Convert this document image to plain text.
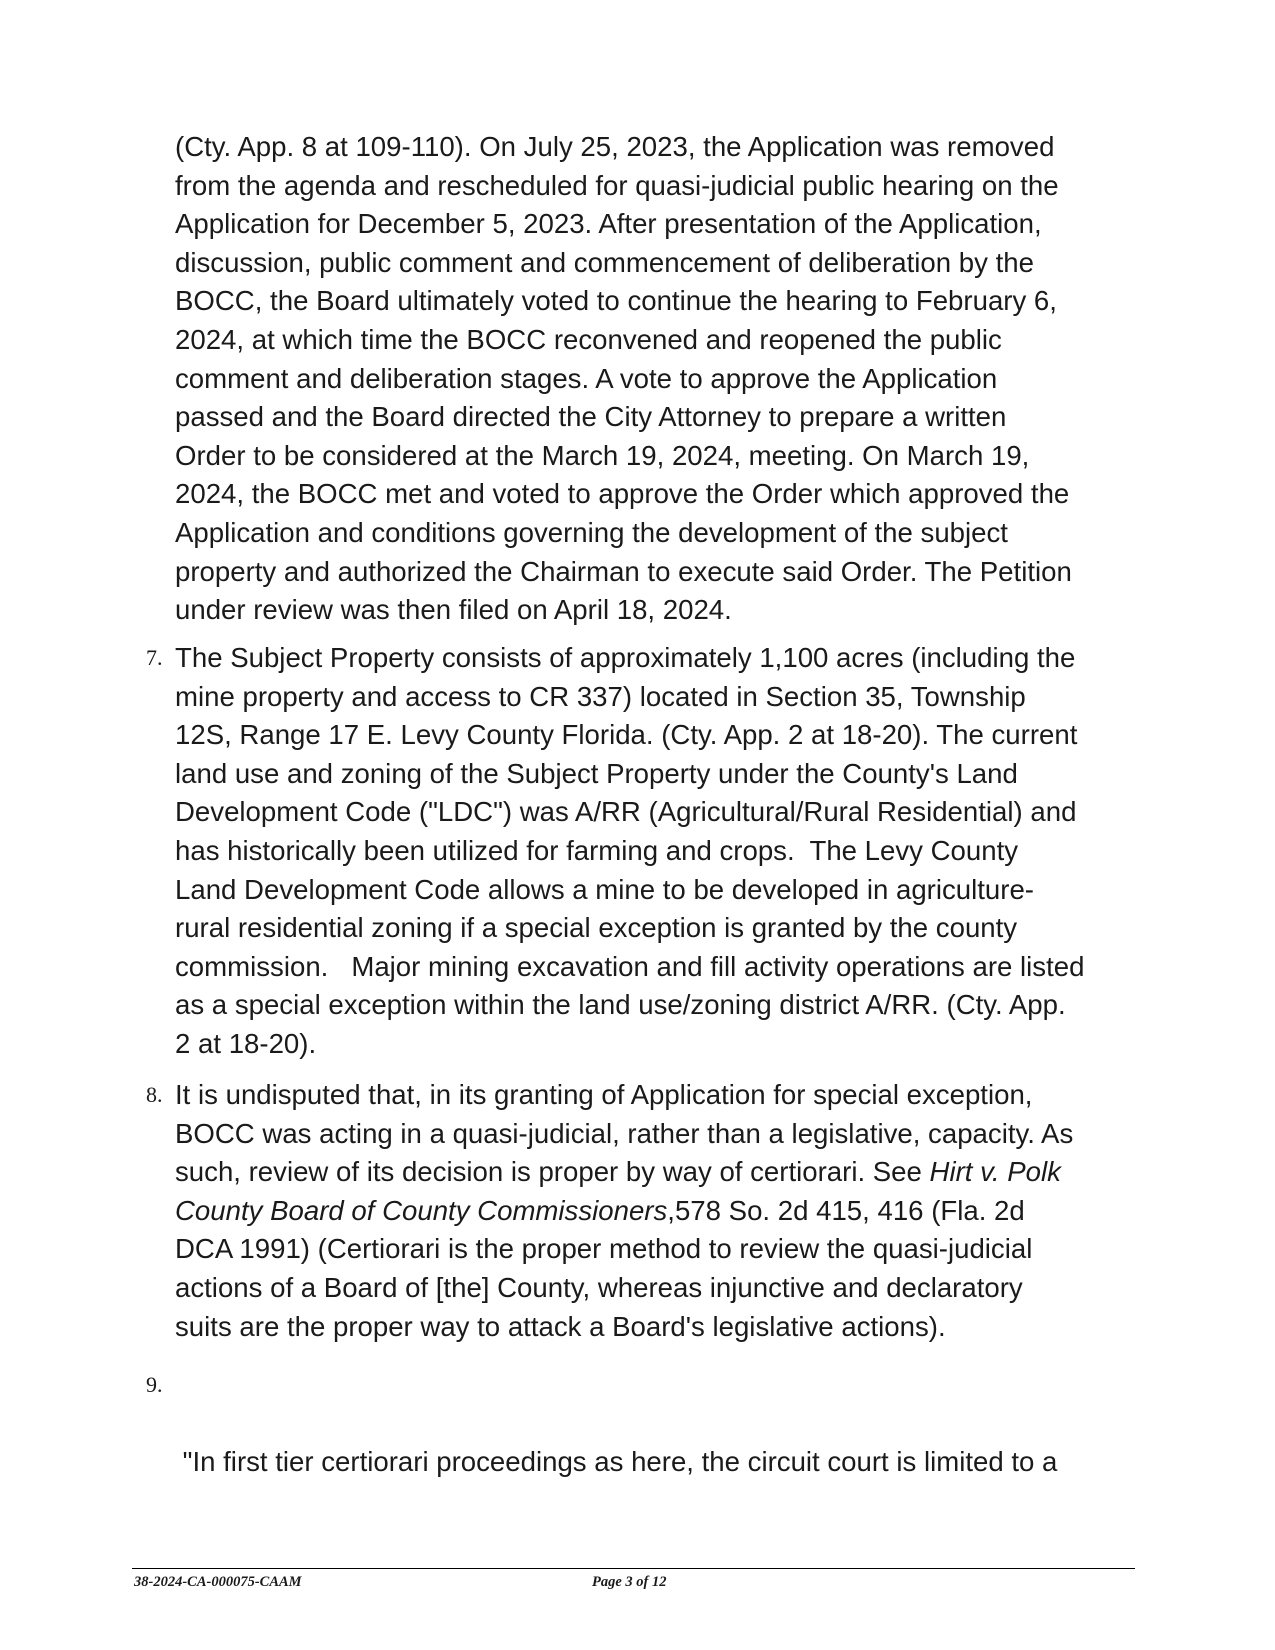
(Cty. App. 8 at 109-110). On July 25, 2023, the Application was removed
from the agenda and rescheduled for quasi-judicial public hearing on the
Application for December 5, 2023. After presentation of the Application,
discussion, public comment and commencement of deliberation by the
BOCC, the Board ultimately voted to continue the hearing to February 6,
2024, at which time the BOCC reconvened and reopened the public
comment and deliberation stages. A vote to approve the Application
passed and the Board directed the City Attorney to prepare a written
Order to be considered at the March 19, 2024, meeting. On March 19,
2024, the BOCC met and voted to approve the Order which approved the
Application and conditions governing the development of the subject
property and authorized the Chairman to execute said Order. The Petition
under review was then filed on April 18, 2024.
7. The Subject Property consists of approximately 1,100 acres (including the
mine property and access to CR 337) located in Section 35, Township
12S, Range 17 E. Levy County Florida. (Cty. App. 2 at 18-20). The current
land use and zoning of the Subject Property under the County's Land
Development Code ("LDC") was A/RR (Agricultural/Rural Residential) and
has historically been utilized for farming and crops.  The Levy County
Land Development Code allows a mine to be developed in agriculture-
rural residential zoning if a special exception is granted by the county
commission.   Major mining excavation and fill activity operations are listed
as a special exception within the land use/zoning district A/RR. (Cty. App.
2 at 18-20).
8. It is undisputed that, in its granting of Application for special exception,
BOCC was acting in a quasi-judicial, rather than a legislative, capacity. As
such, review of its decision is proper by way of certiorari. See Hirt v. Polk
County Board of County Commissioners,578 So. 2d 415, 416 (Fla. 2d
DCA 1991) (Certiorari is the proper method to review the quasi-judicial
actions of a Board of [the] County, whereas injunctive and declaratory
suits are the proper way to attack a Board's legislative actions).
9.

"In first tier certiorari proceedings as here, the circuit court is limited to a

38-2024-CA-000075-CAAM	Page 3 of 12
